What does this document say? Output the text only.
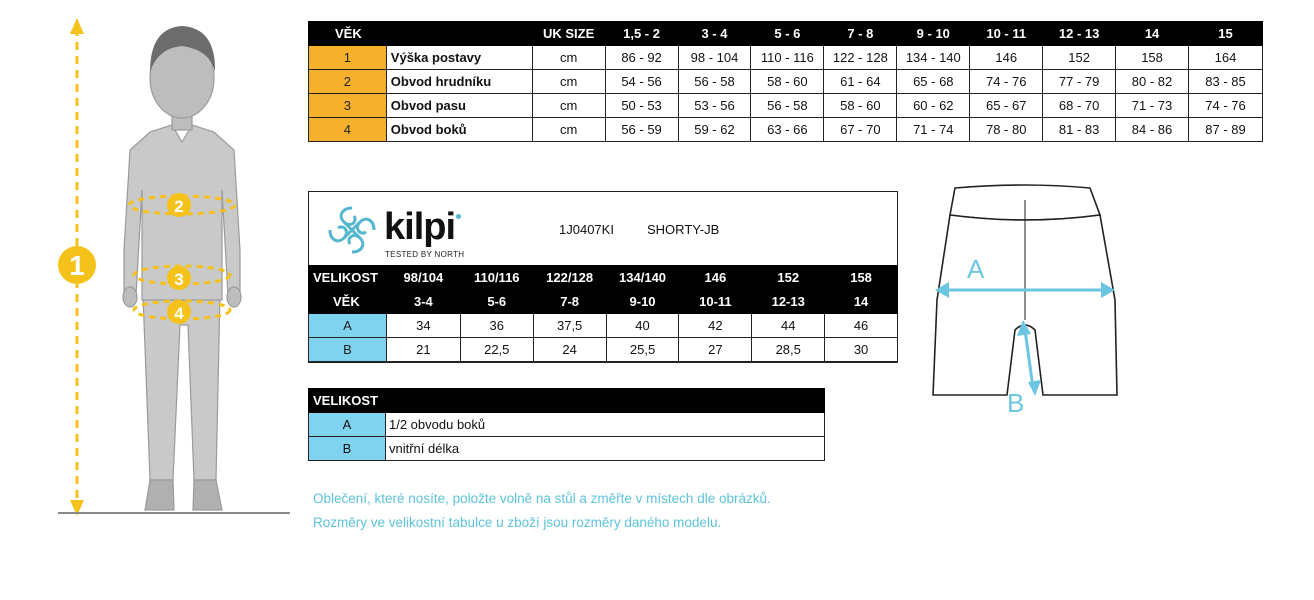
1
2
3
4
VĚK		UK SIZE	1,5 - 2	3 - 4	5 - 6	7 - 8	9 - 10	10 - 11	12 - 13	14	15
1	Výška postavy	cm	86 - 92	98 - 104	110 - 116	122 - 128	134 - 140	146	152	158	164
2	Obvod hrudníku	cm	54 - 56	56 - 58	58 - 60	61 - 64	65 - 68	74 - 76	77 - 79	80 - 82	83 - 85
3	Obvod pasu	cm	50 - 53	53 - 56	56 - 58	58 - 60	60 - 62	65 - 67	68 - 70	71 - 73	74 - 76
4	Obvod boků	cm	56 - 59	59 - 62	63 - 66	67 - 70	71 - 74	78 - 80	81 - 83	84 - 86	87 - 89
kilpi
TESTED BY NORTH
1J0407KI	SHORTY-JB
VELIKOST	98/104	110/116	122/128	134/140	146	152	158
VĚK	3-4	5-6	7-8	9-10	10-11	12-13	14
A	34	36	37,5	40	42	44	46
B	21	22,5	24	25,5	27	28,5	30
VELIKOST	
A	1/2 obvodu boků
B	vnitřní délka
A
B
Oblečení, které nosíte, položte volně na stůl a změřte v místech dle obrázků.
Rozměry ve velikostní tabulce u zboží jsou rozměry daného modelu.
